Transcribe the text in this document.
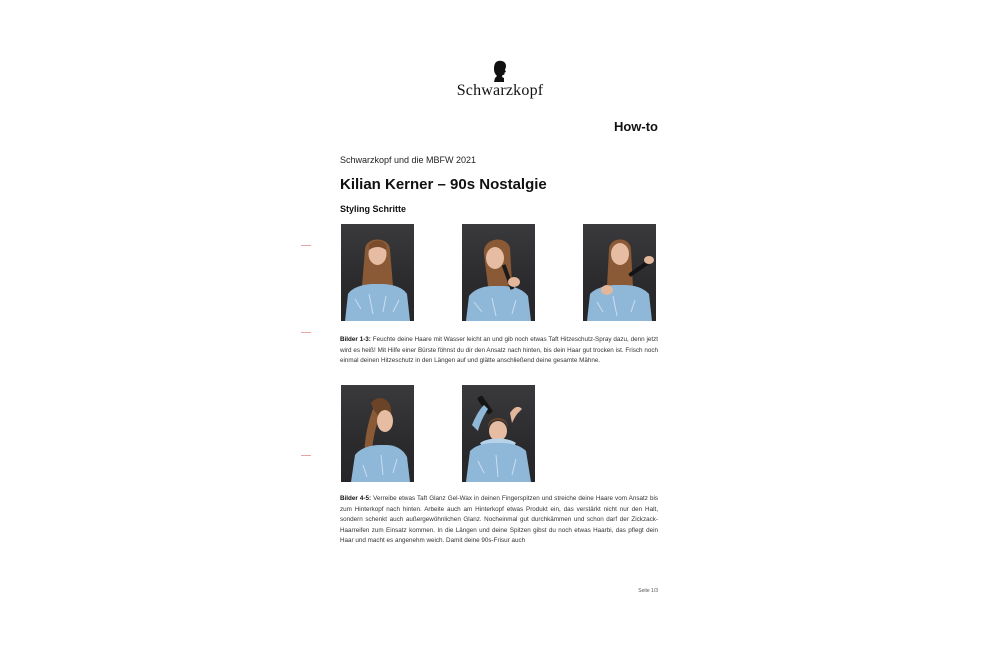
Schwarzkopf
How-to
Schwarzkopf und die MBFW 2021
Kilian Kerner – 90s Nostalgie
Styling Schritte

Bilder 1-3: Feuchte deine Haare mit Wasser leicht an und gib noch etwas Taft Hitzeschutz-Spray dazu, denn jetzt wird es heiß! Mit Hilfe einer Bürste föhnst du dir den Ansatz nach hinten, bis dein Haar gut trocken ist. Frisch noch einmal deinen Hitzeschutz in den Längen auf und glätte anschließend deine gesamte Mähne.

Bilder 4-5: Verreibe etwas Taft Glanz Gel-Wax in deinen Fingerspitzen und streiche deine Haare vom Ansatz bis zum Hinterkopf nach hinten. Arbeite auch am Hinterkopf etwas Produkt ein, das verstärkt nicht nur den Halt, sondern schenkt auch außergewöhnlichen Glanz. Nocheinmal gut durchkämmen und schon darf der Zickzack-Haarreifen zum Einsatz kommen. In die Längen und deine Spitzen gibst du noch etwas Haarbi, das pflegt dein Haar und macht es angenehm weich. Damit deine 90s-Frisur auch

Seite 1/3
